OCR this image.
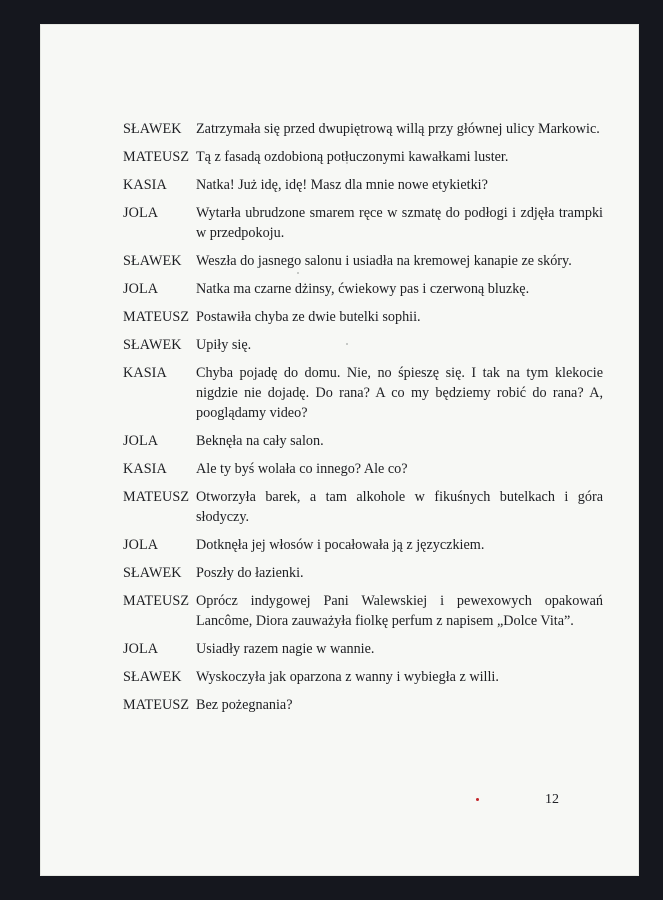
SŁAWEK	Zatrzymała się przed dwupiętrową willą przy głównej ulicy Markowic.
MATEUSZ Tą z fasadą ozdobioną potłuczonymi kawałkami luster.
KASIA	Natka! Już idę, idę! Masz dla mnie nowe etykietki?
JOLA	Wytarła ubrudzone smarem ręce w szmatę do podłogi i zdjęła trampki w przedpokoju.
SŁAWEK	Weszła do jasnego salonu i usiadła na kremowej kanapie ze skóry.
JOLA	Natka ma czarne dżinsy, ćwiekowy pas i czerwoną bluzkę.
MATEUSZ Postawiła chyba ze dwie butelki sophii.
SŁAWEK	Upiły się.
KASIA	Chyba pojadę do domu. Nie, no śpieszę się. I tak na tym klekocie nigdzie nie dojadę. Do rana? A co my będziemy robić do rana? A, pooglądamy video?
JOLA	Beknęła na cały salon.
KASIA	Ale ty byś wolała co innego? Ale co?
MATEUSZ Otworzyła barek, a tam alkohole w fikuśnych butelkach i góra słodyczy.
JOLA	Dotknęła jej włosów i pocałowała ją z języczkiem.
SŁAWEK	Poszły do łazienki.
MATEUSZ Oprócz indygowej Pani Walewskiej i pewexowych opakowań Lancôme, Diora zauważyła fiolkę perfum z napisem „Dolce Vita”.
JOLA	Usiadły razem nagie w wannie.
SŁAWEK	Wyskoczyła jak oparzona z wanny i wybiegła z willi.
MATEUSZ Bez pożegnania?
12
